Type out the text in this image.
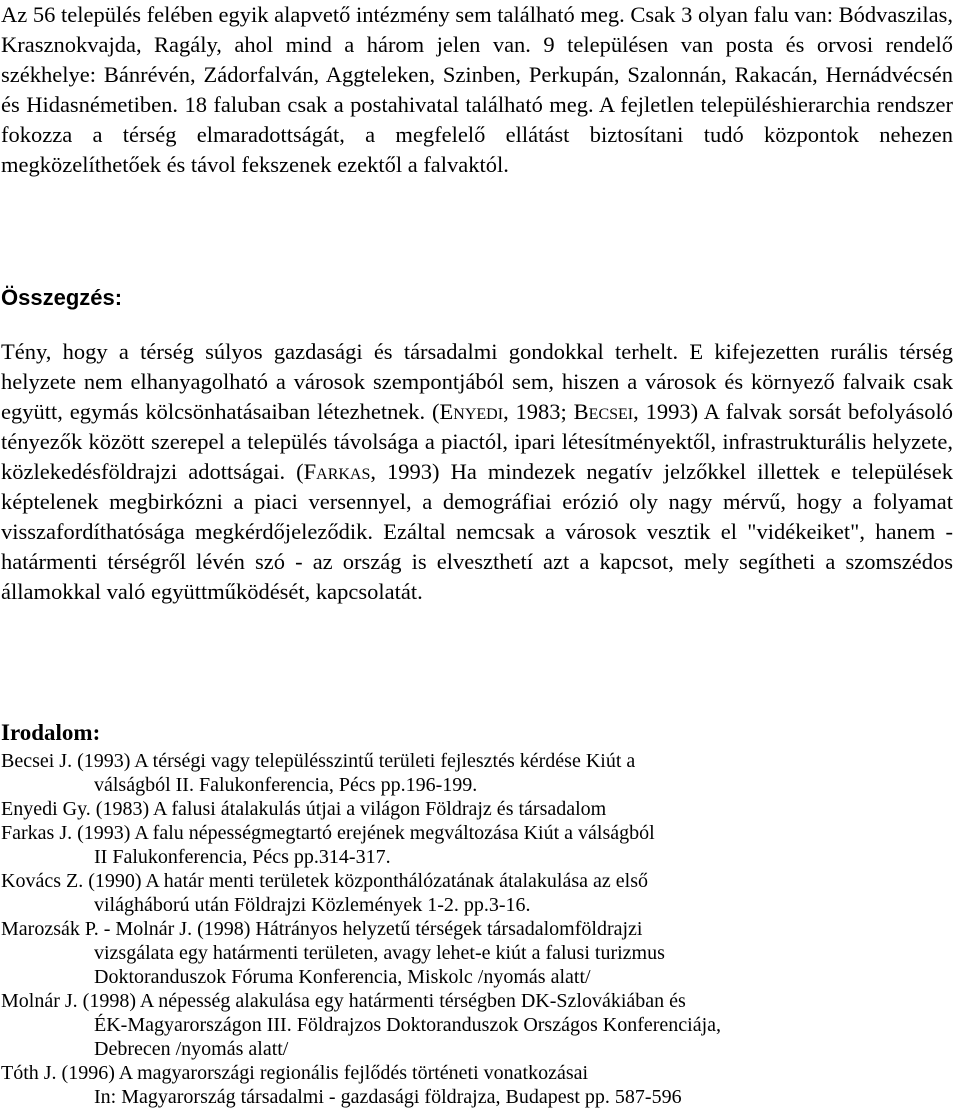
Az 56 település felében egyik alapvető intézmény sem található meg. Csak 3 olyan falu van: Bódvaszilas, Krasznokvajda, Ragály, ahol mind a három jelen van. 9 településen van posta és orvosi rendelő székhelye: Bánrévén, Zádorfalván, Aggteleken, Szinben, Perkupán, Szalonnán, Rakacán, Hernádvécsén és Hidasnémetiben. 18 faluban csak a postahivatal található meg. A fejletlen településhierarchia rendszer fokozza a térség elmaradottságát, a megfelelő ellátást biztosítani tudó központok nehezen megközelíthetőek és távol fekszenek ezektől a falvaktól.

Összegzés:

Tény, hogy a térség súlyos gazdasági és társadalmi gondokkal terhelt. E kifejezetten rurális térség helyzete nem elhanyagolható a városok szempontjából sem, hiszen a városok és környező falvaik csak együtt, egymás kölcsönhatásaiban létezhetnek. (Enyedi, 1983; Becsei, 1993) A falvak sorsát befolyásoló tényezők között szerepel a település távolsága a piactól, ipari létesítményektől, infrastrukturális helyzete, közlekedésföldrajzi adottságai. (Farkas, 1993) Ha mindezek negatív jelzőkkel illettek e települések képtelenek megbirkózni a piaci versennyel, a demográfiai erózió oly nagy mérvű, hogy a folyamat visszafordíthatósága megkérdőjeleződik. Ezáltal nemcsak a városok vesztik el "vidékeiket", hanem - határmenti térségről lévén szó - az ország is elveszthetí azt a kapcsot, mely segítheti a szomszédos államokkal való együttműködését, kapcsolatát.

Irodalom:
Becsei J. (1993) A térségi vagy településszintű területi fejlesztés kérdése Kiút a
válságból II. Falukonferencia, Pécs pp.196-199.
Enyedi Gy. (1983) A falusi átalakulás útjai a világon Földrajz és társadalom
Farkas J. (1993) A falu népességmegtartó erejének megváltozása Kiút a válságból
II Falukonferencia, Pécs pp.314-317.
Kovács Z. (1990) A határ menti területek központhálózatának átalakulása az első
világháború után Földrajzi Közlemények 1-2. pp.3-16.
Marozsák P. - Molnár J. (1998) Hátrányos helyzetű térségek társadalomföldrajzi
vizsgálata egy határmenti területen, avagy lehet-e kiút a falusi turizmus
Doktoranduszok Fóruma Konferencia, Miskolc /nyomás alatt/
Molnár J. (1998) A népesség alakulása egy határmenti térségben DK-Szlovákiában és
ÉK-Magyarországon III. Földrajzos Doktoranduszok Országos Konferenciája,
Debrecen /nyomás alatt/
Tóth J. (1996) A magyarországi regionális fejlődés történeti vonatkozásai
In: Magyarország társadalmi - gazdasági földrajza, Budapest pp. 587-596
